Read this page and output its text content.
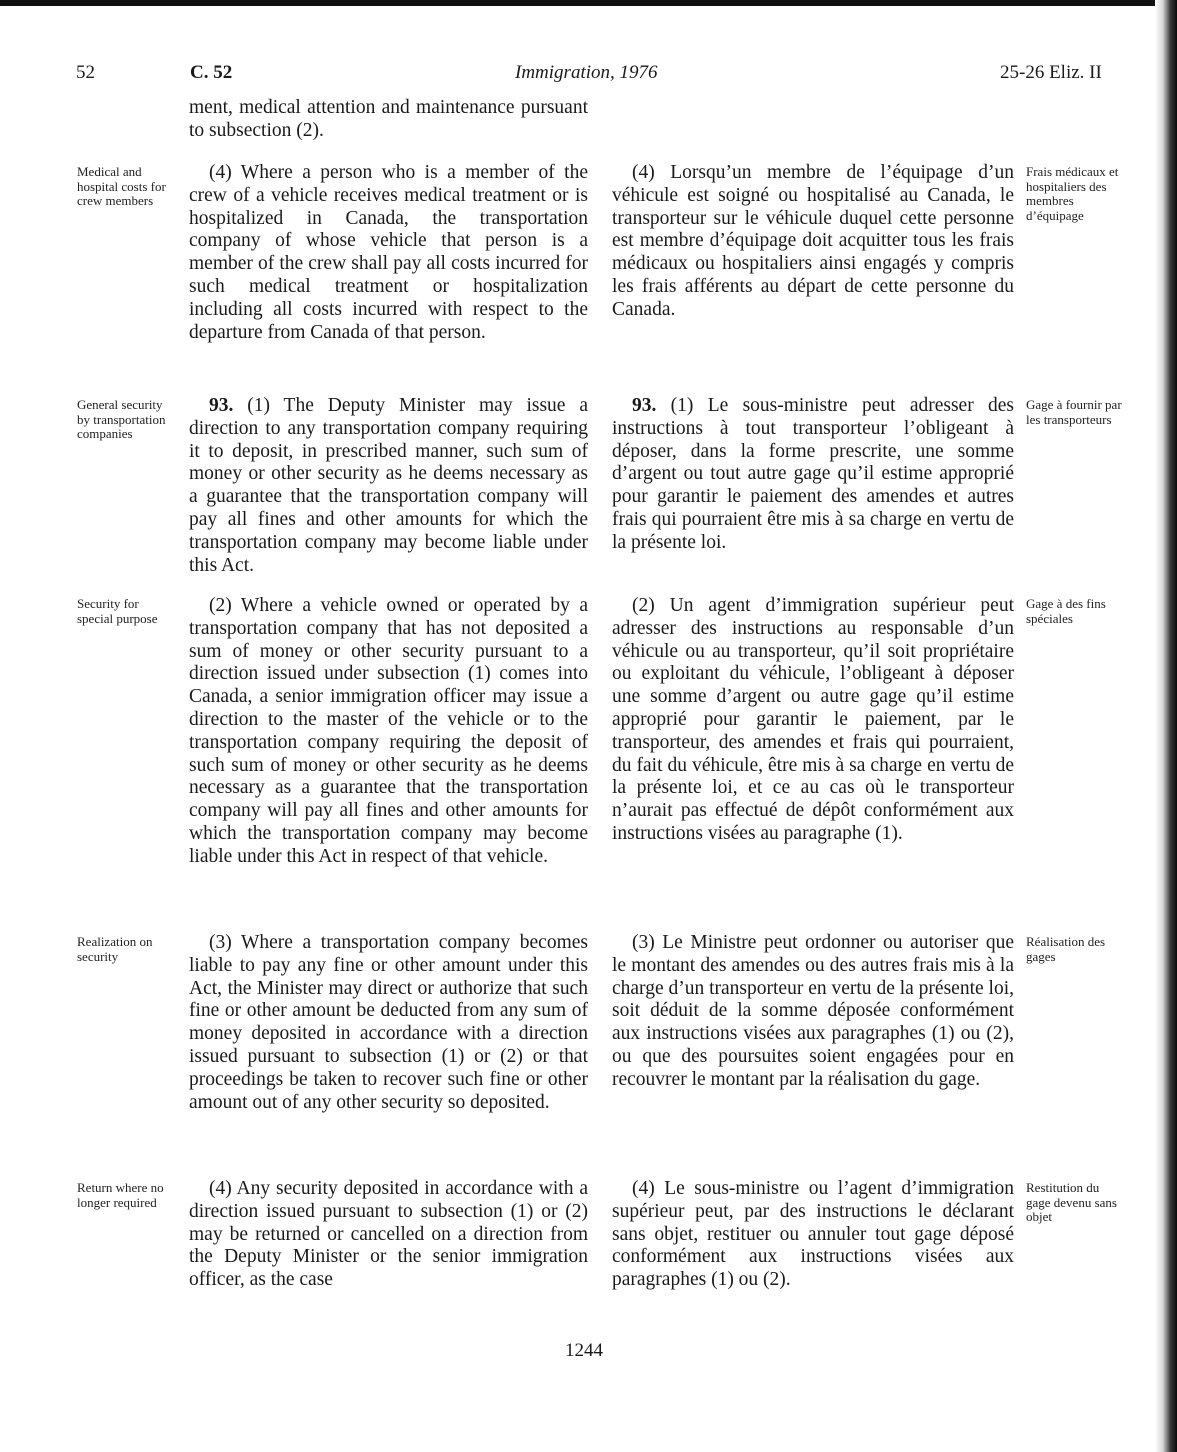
52	C. 52	Immigration, 1976	25-26 Eliz. II

ment, medical attention and maintenance pursuant to subsection (2).

Medical and hospital costs for crew members

(4) Where a person who is a member of the crew of a vehicle receives medical treatment or is hospitalized in Canada, the transportation company of whose vehicle that person is a member of the crew shall pay all costs incurred for such medical treatment or hospitalization including all costs incurred with respect to the departure from Canada of that person.

(4) Lorsqu’un membre de l’équipage d’un véhicule est soigné ou hospitalisé au Canada, le transporteur sur le véhicule duquel cette personne est membre d’équipage doit acquitter tous les frais médicaux ou hospitaliers ainsi engagés y compris les frais afférents au départ de cette personne du Canada.

Frais médicaux et hospitaliers des membres d’équipage
General security by transportation companies

93. (1) The Deputy Minister may issue a direction to any transportation company requiring it to deposit, in prescribed manner, such sum of money or other security as he deems necessary as a guarantee that the transportation company will pay all fines and other amounts for which the transportation company may become liable under this Act.

93. (1) Le sous-ministre peut adresser des instructions à tout transporteur l’obligeant à déposer, dans la forme prescrite, une somme d’argent ou tout autre gage qu’il estime approprié pour garantir le paiement des amendes et autres frais qui pourraient être mis à sa charge en vertu de la présente loi.

Gage à fournir par les transporteurs
Security for special purpose

(2) Where a vehicle owned or operated by a transportation company that has not deposited a sum of money or other security pursuant to a direction issued under subsection (1) comes into Canada, a senior immigration officer may issue a direction to the master of the vehicle or to the transportation company requiring the deposit of such sum of money or other security as he deems necessary as a guarantee that the transportation company will pay all fines and other amounts for which the transportation company may become liable under this Act in respect of that vehicle.

(2) Un agent d’immigration supérieur peut adresser des instructions au responsable d’un véhicule ou au transporteur, qu’il soit propriétaire ou exploitant du véhicule, l’obligeant à déposer une somme d’argent ou autre gage qu’il estime approprié pour garantir le paiement, par le transporteur, des amendes et frais qui pourraient, du fait du véhicule, être mis à sa charge en vertu de la présente loi, et ce au cas où le transporteur n’aurait pas effectué de dépôt conformément aux instructions visées au paragraphe (1).

Gage à des fins spéciales
Realization on security

(3) Where a transportation company becomes liable to pay any fine or other amount under this Act, the Minister may direct or authorize that such fine or other amount be deducted from any sum of money deposited in accordance with a direction issued pursuant to subsection (1) or (2) or that proceedings be taken to recover such fine or other amount out of any other security so deposited.

(3) Le Ministre peut ordonner ou autoriser que le montant des amendes ou des autres frais mis à la charge d’un transporteur en vertu de la présente loi, soit déduit de la somme déposée conformément aux instructions visées aux paragraphes (1) ou (2), ou que des poursuites soient engagées pour en recouvrer le montant par la réalisation du gage.

Réalisation des gages
Return where no longer required

(4) Any security deposited in accordance with a direction issued pursuant to subsection (1) or (2) may be returned or cancelled on a direction from the Deputy Minister or the senior immigration officer, as the case

(4) Le sous-ministre ou l’agent d’immigration supérieur peut, par des instructions le déclarant sans objet, restituer ou annuler tout gage déposé conformément aux instructions visées aux paragraphes (1) ou (2).

Restitution du gage devenu sans objet
1244
